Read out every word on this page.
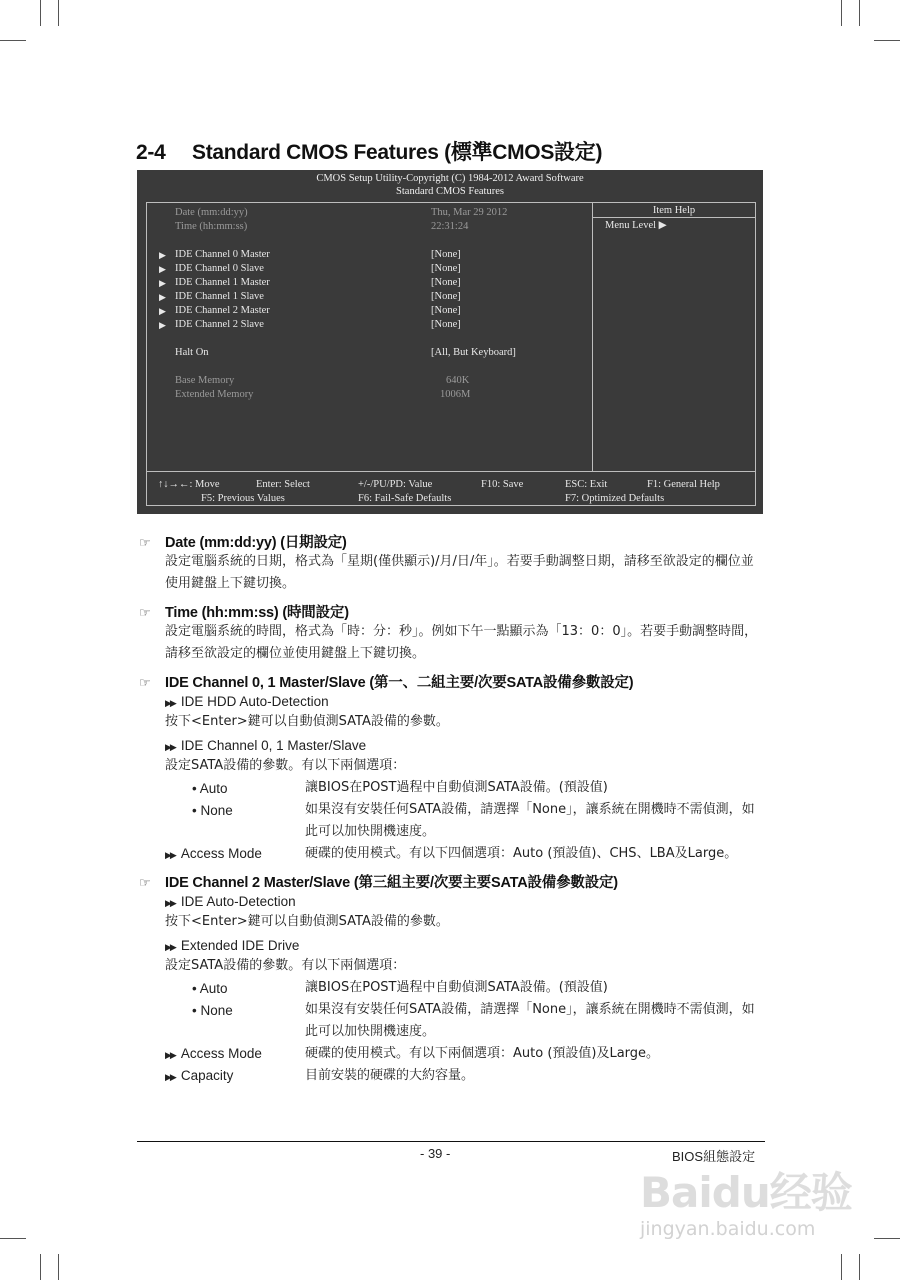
2-4 Standard CMOS Features (標準CMOS設定)
CMOS Setup Utility-Copyright (C) 1984-2012 Award Software
Standard CMOS Features
Item Help
Menu Level ▶
Date (mm:dd:yy)	Thu, Mar 29 2012
Time (hh:mm:ss)	22:31:24
▶ IDE Channel 0 Master	[None]
▶ IDE Channel 0 Slave	[None]
▶ IDE Channel 1 Master	[None]
▶ IDE Channel 1 Slave	[None]
▶ IDE Channel 2 Master	[None]
▶ IDE Channel 2 Slave	[None]
Halt On	[All, But Keyboard]
Base Memory	640K
Extended Memory	1006M
↑↓→←: Move	Enter: Select	+/-/PU/PD: Value	F10: Save	ESC: Exit	F1: General Help
F5: Previous Values	F6: Fail-Safe Defaults	F7: Optimized Defaults
☞ Date (mm:dd:yy) (日期設定)
設定電腦系統的日期，格式為「星期(僅供顯示)/月/日/年」。若要手動調整日期，請移至欲設定的欄位並使用鍵盤上下鍵切換。
☞ Time (hh:mm:ss) (時間設定)
設定電腦系統的時間，格式為「時：分：秒」。例如下午一點顯示為「13：0：0」。若要手動調整時間，請移至欲設定的欄位並使用鍵盤上下鍵切換。
☞ IDE Channel 0, 1 Master/Slave (第一、二組主要/次要SATA設備參數設定)
▶▶ IDE HDD Auto-Detection
按下<Enter>鍵可以自動偵測SATA設備的參數。
▶▶ IDE Channel 0, 1 Master/Slave
設定SATA設備的參數。有以下兩個選項：
• Auto	讓BIOS在POST過程中自動偵測SATA設備。(預設值)
• None	如果沒有安裝任何SATA設備，請選擇「None」，讓系統在開機時不需偵測，如此可以加快開機速度。
▶▶ Access Mode	硬碟的使用模式。有以下四個選項：Auto (預設值)、CHS、LBA及Large。
☞ IDE Channel 2 Master/Slave (第三組主要/次要主要SATA設備參數設定)
▶▶ IDE Auto-Detection
按下<Enter>鍵可以自動偵測SATA設備的參數。
▶▶ Extended IDE Drive
設定SATA設備的參數。有以下兩個選項：
• Auto	讓BIOS在POST過程中自動偵測SATA設備。(預設值)
• None	如果沒有安裝任何SATA設備，請選擇「None」，讓系統在開機時不需偵測，如此可以加快開機速度。
▶▶ Access Mode	硬碟的使用模式。有以下兩個選項：Auto (預設值)及Large。
▶▶ Capacity	目前安裝的硬碟的大約容量。
- 39 -	BIOS組態設定
Baidu经验
jingyan.baidu.com
